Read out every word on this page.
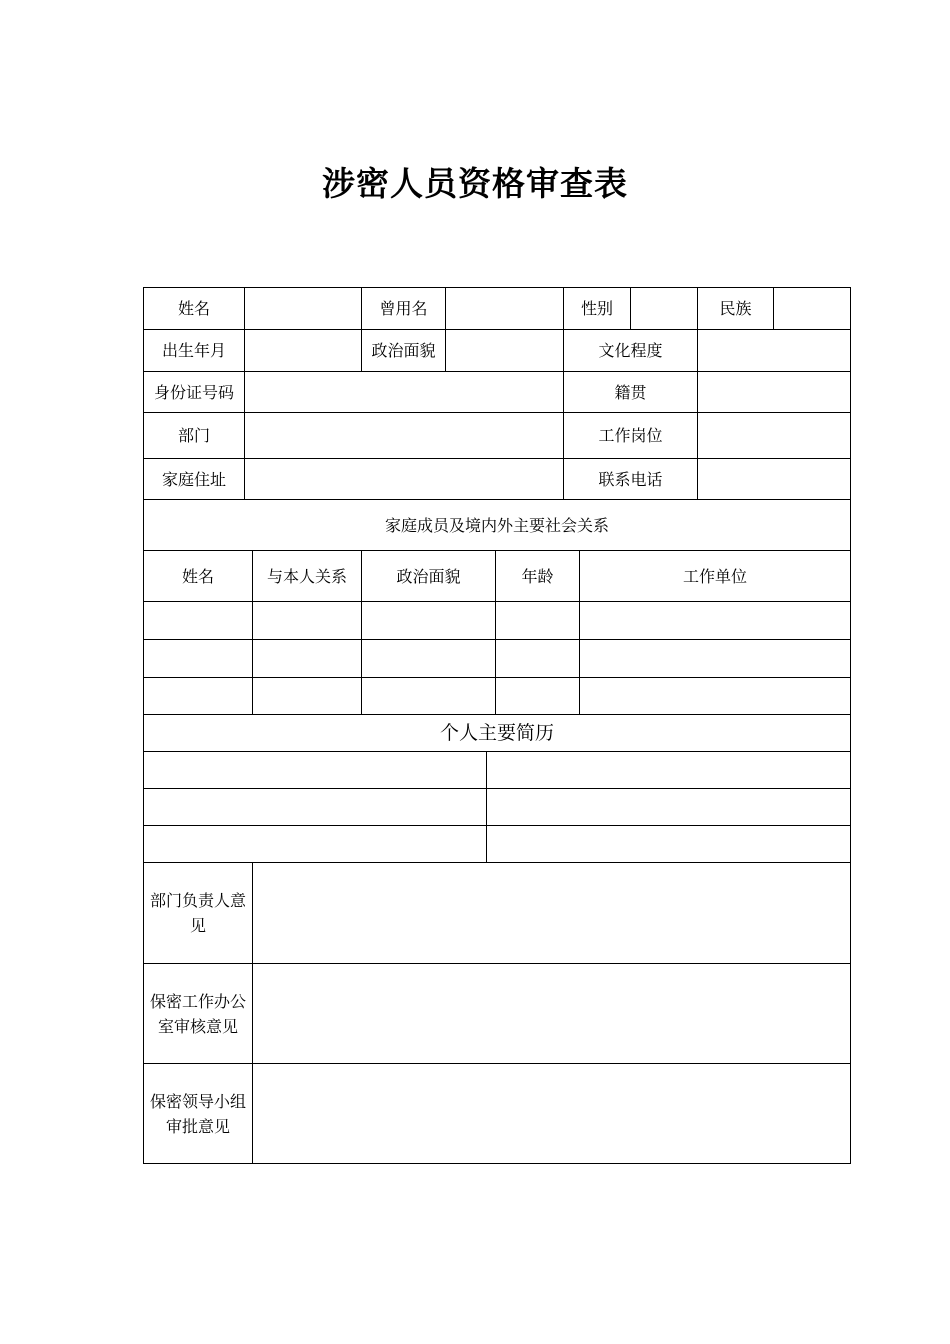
涉密人员资格审查表
姓名	曾用名	性别	民族
出生年月	政治面貌	文化程度
身份证号码	籍贯
部门	工作岗位
家庭住址	联系电话
家庭成员及境内外主要社会关系
姓名	与本人关系	政治面貌	年龄	工作单位
个人主要简历
部门负责人意见
保密工作办公室审核意见
保密领导小组审批意见
